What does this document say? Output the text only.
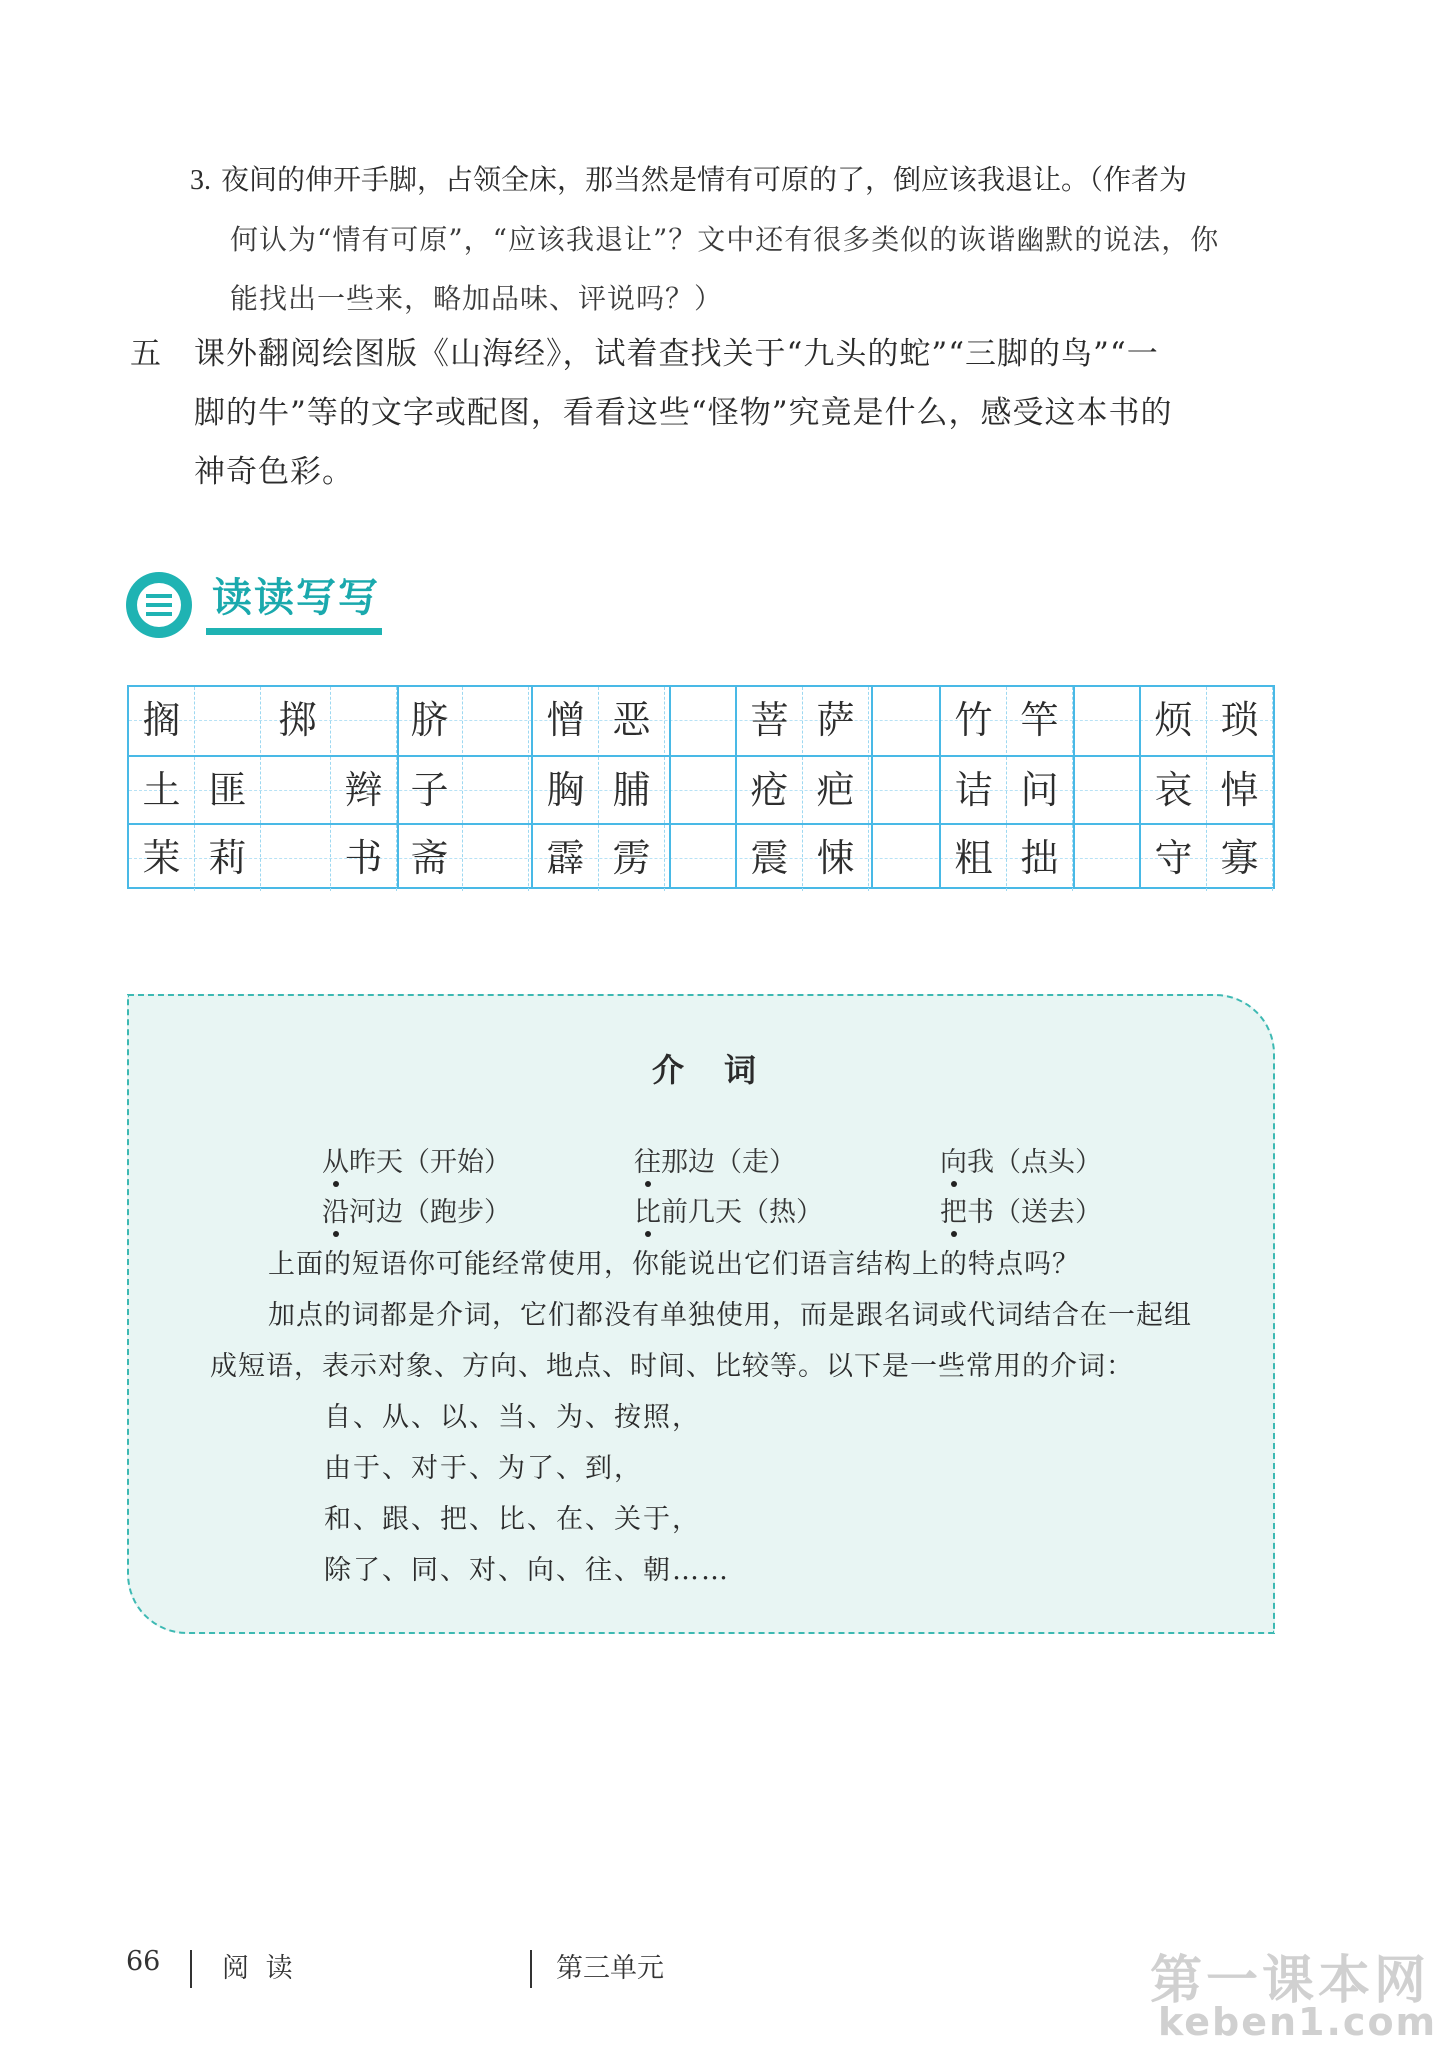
3. 夜间的伸开手脚，占领全床，那当然是情有可原的了，倒应该我退让。（作者为
何认为“情有可原”，“应该我退让”？文中还有很多类似的诙谐幽默的说法，你
能找出一些来，略加品味、评说吗？）
五 课外翻阅绘图版《山海经》，试着查找关于“九头的蛇”“三脚的鸟”“一
脚的牛”等的文字或配图，看看这些“怪物”究竟是什么，感受这本书的
神奇色彩。
读读写写
搁	掷	脐	憎 恶	菩 萨	竹 竿	烦 琐
土 匪	辫 子	胸 脯	疮 疤	诘 问	哀 悼
茉 莉	书 斋	霹 雳	震 悚	粗 拙	守 寡
介词
从昨天（开始）	往那边（走）	向我（点头）
沿河边（跑步）	比前几天（热）	把书（送去）
上面的短语你可能经常使用，你能说出它们语言结构上的特点吗？
加点的词都是介词，它们都没有单独使用，而是跟名词或代词结合在一起组
成短语，表示对象、方向、地点、时间、比较等。以下是一些常用的介词：
自、从、以、当、为、按照，
由于、对于、为了、到，
和、跟、把、比、在、关于，
除了、同、对、向、往、朝……
66 阅 读	第三单元	第一课本网
keben1.com
